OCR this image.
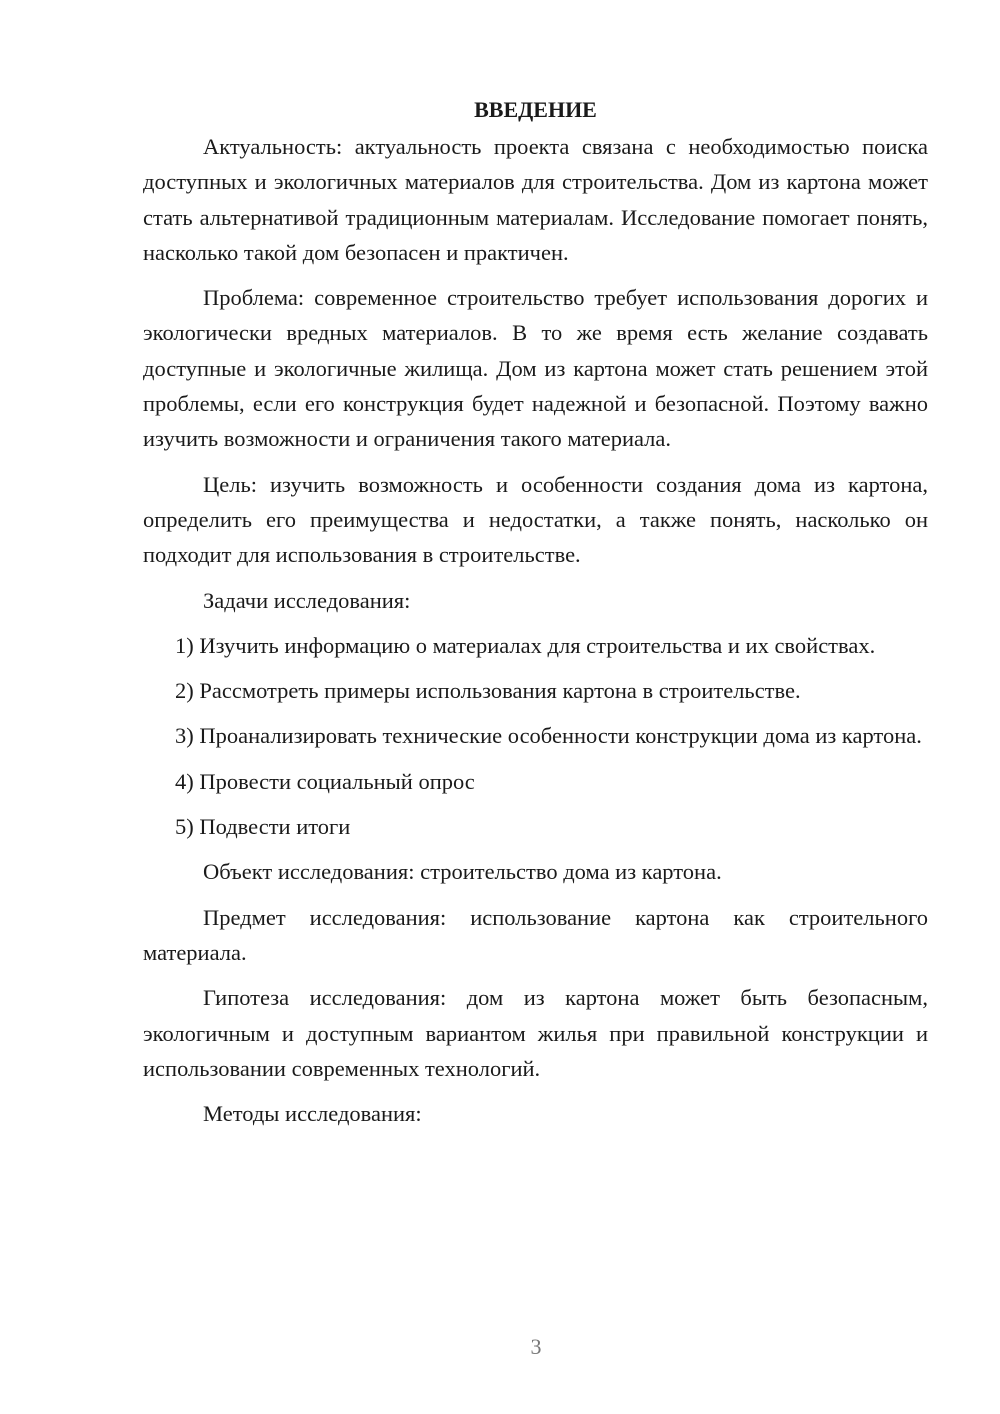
ВВЕДЕНИЕ

Актуальность: актуальность проекта связана с необходимостью поиска доступных и экологичных материалов для строительства. Дом из картона может стать альтернативой традиционным материалам. Исследование помогает понять, насколько такой дом безопасен и практичен.

Проблема: современное строительство требует использования дорогих и экологически вредных материалов. В то же время есть желание создавать доступные и экологичные жилища. Дом из картона может стать решением этой проблемы, если его конструкция будет надежной и безопасной. Поэтому важно изучить возможности и ограничения такого материала.

Цель: изучить возможность и особенности создания дома из картона, определить его преимущества и недостатки, а также понять, насколько он подходит для использования в строительстве.

Задачи исследования:

1) Изучить информацию о материалах для строительства и их свойствах.

2) Рассмотреть примеры использования картона в строительстве.

3) Проанализировать технические особенности конструкции дома из картона.

4) Провести социальный опрос

5) Подвести итоги

Объект исследования: строительство дома из картона.

Предмет исследования: использование картона как строительного материала.

Гипотеза исследования: дом из картона может быть безопасным, экологичным и доступным вариантом жилья при правильной конструкции и использовании современных технологий.

Методы исследования:

3
